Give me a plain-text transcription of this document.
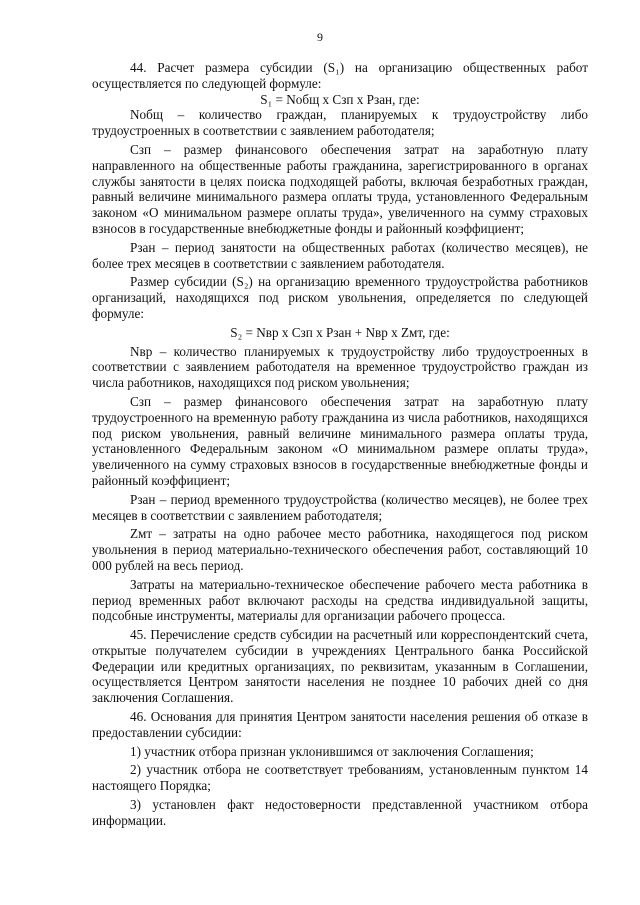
9

44. Расчет размера субсидии (S₁) на организацию общественных работ осуществляется по следующей формуле:

S₁ = Nобщ x Cзп x Pзан, где:

Nобщ – количество граждан, планируемых к трудоустройству либо трудоустроенных в соответствии с заявлением работодателя;

Cзп – размер финансового обеспечения затрат на заработную плату направленного на общественные работы гражданина, зарегистрированного в органах службы занятости в целях поиска подходящей работы, включая безработных граждан, равный величине минимального размера оплаты труда, установленного Федеральным законом «О минимальном размере оплаты труда», увеличенного на сумму страховых взносов в государственные внебюджетные фонды и районный коэффициент;

Pзан – период занятости на общественных работах (количество месяцев), не более трех месяцев в соответствии с заявлением работодателя.

Размер субсидии (S₂) на организацию временного трудоустройства работников организаций, находящихся под риском увольнения, определяется по следующей формуле:

S₂ = Nвр x Cзп x Pзан + Nвр x Zмт, где:

Nвр – количество планируемых к трудоустройству либо трудоустроенных в соответствии с заявлением работодателя на временное трудоустройство граждан из числа работников, находящихся под риском увольнения;

Cзп – размер финансового обеспечения затрат на заработную плату трудоустроенного на временную работу гражданина из числа работников, находящихся под риском увольнения, равный величине минимального размера оплаты труда, установленного Федеральным законом «О минимальном размере оплаты труда», увеличенного на сумму страховых взносов в государственные внебюджетные фонды и районный коэффициент;

Pзан – период временного трудоустройства (количество месяцев), не более трех месяцев в соответствии с заявлением работодателя;

Zмт – затраты на одно рабочее место работника, находящегося под риском увольнения в период материально-технического обеспечения работ, составляющий 10 000 рублей на весь период.

Затраты на материально-техническое обеспечение рабочего места работника в период временных работ включают расходы на средства индивидуальной защиты, подсобные инструменты, материалы для организации рабочего процесса.

45. Перечисление средств субсидии на расчетный или корреспондентский счета, открытые получателем субсидии в учреждениях Центрального банка Российской Федерации или кредитных организациях, по реквизитам, указанным в Соглашении, осуществляется Центром занятости населения не позднее 10 рабочих дней со дня заключения Соглашения.

46. Основания для принятия Центром занятости населения решения об отказе в предоставлении субсидии:

1) участник отбора признан уклонившимся от заключения Соглашения;

2) участник отбора не соответствует требованиям, установленным пунктом 14 настоящего Порядка;

3) установлен факт недостоверности представленной участником отбора информации.
